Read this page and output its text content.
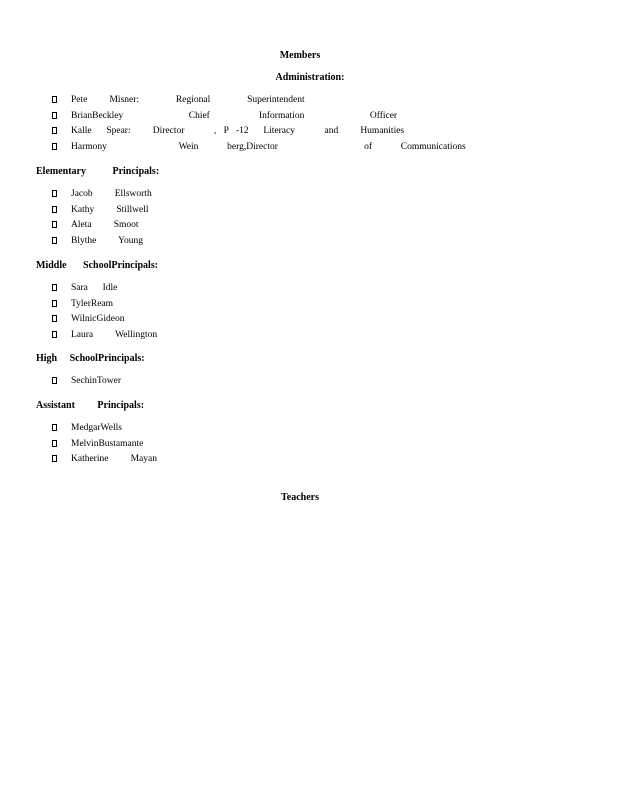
Members
Administration:
Pete   Misner:     Regional     Superintendent
BrianBeckley    Chief   Information    Officer
Kalle  Spear:   Director    , P -12  Literacy    and   Humanities
Harmony     Wein  berg,Director      of  Communications
Elementary Principals:
Jacob   Ellsworth
Kathy   Stillwell
Aleta   Smoot
Blythe   Young
Middle SchoolPrincipals:
Sara  Idle
TylerReam
WilnicGideon
Laura   Wellington
High SchoolPrincipals:
SechinTower
Assistant Principals:
MedgarWells
MelvinBustamante
Katherine   Mayan
Teachers
